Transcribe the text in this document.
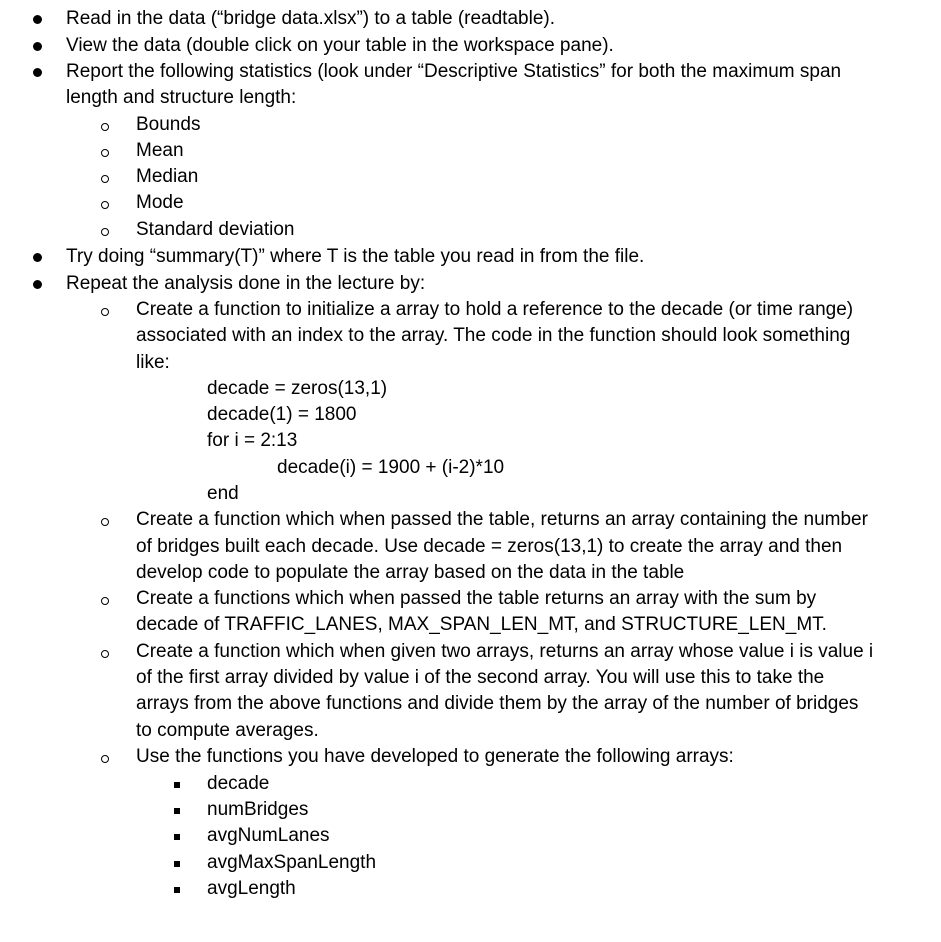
Read in the data (“bridge data.xlsx”) to a table (readtable).
View the data (double click on your table in the workspace pane).
Report the following statistics (look under “Descriptive Statistics” for both the maximum span
length and structure length:
Bounds
Mean
Median
Mode
Standard deviation
Try doing “summary(T)” where T is the table you read in from the file.
Repeat the analysis done in the lecture by:
Create a function to initialize a array to hold a reference to the decade (or time range)
associated with an index to the array. The code in the function should look something
like:
decade = zeros(13,1)
decade(1) = 1800
for i = 2:13
decade(i) = 1900 + (i-2)*10
end
Create a function which when passed the table, returns an array containing the number
of bridges built each decade. Use decade = zeros(13,1) to create the array and then
develop code to populate the array based on the data in the table
Create a functions which when passed the table returns an array with the sum by
decade of TRAFFIC_LANES, MAX_SPAN_LEN_MT, and STRUCTURE_LEN_MT.
Create a function which when given two arrays, returns an array whose value i is value i
of the first array divided by value i of the second array. You will use this to take the
arrays from the above functions and divide them by the array of the number of bridges
to compute averages.
Use the functions you have developed to generate the following arrays:
decade
numBridges
avgNumLanes
avgMaxSpanLength
avgLength
